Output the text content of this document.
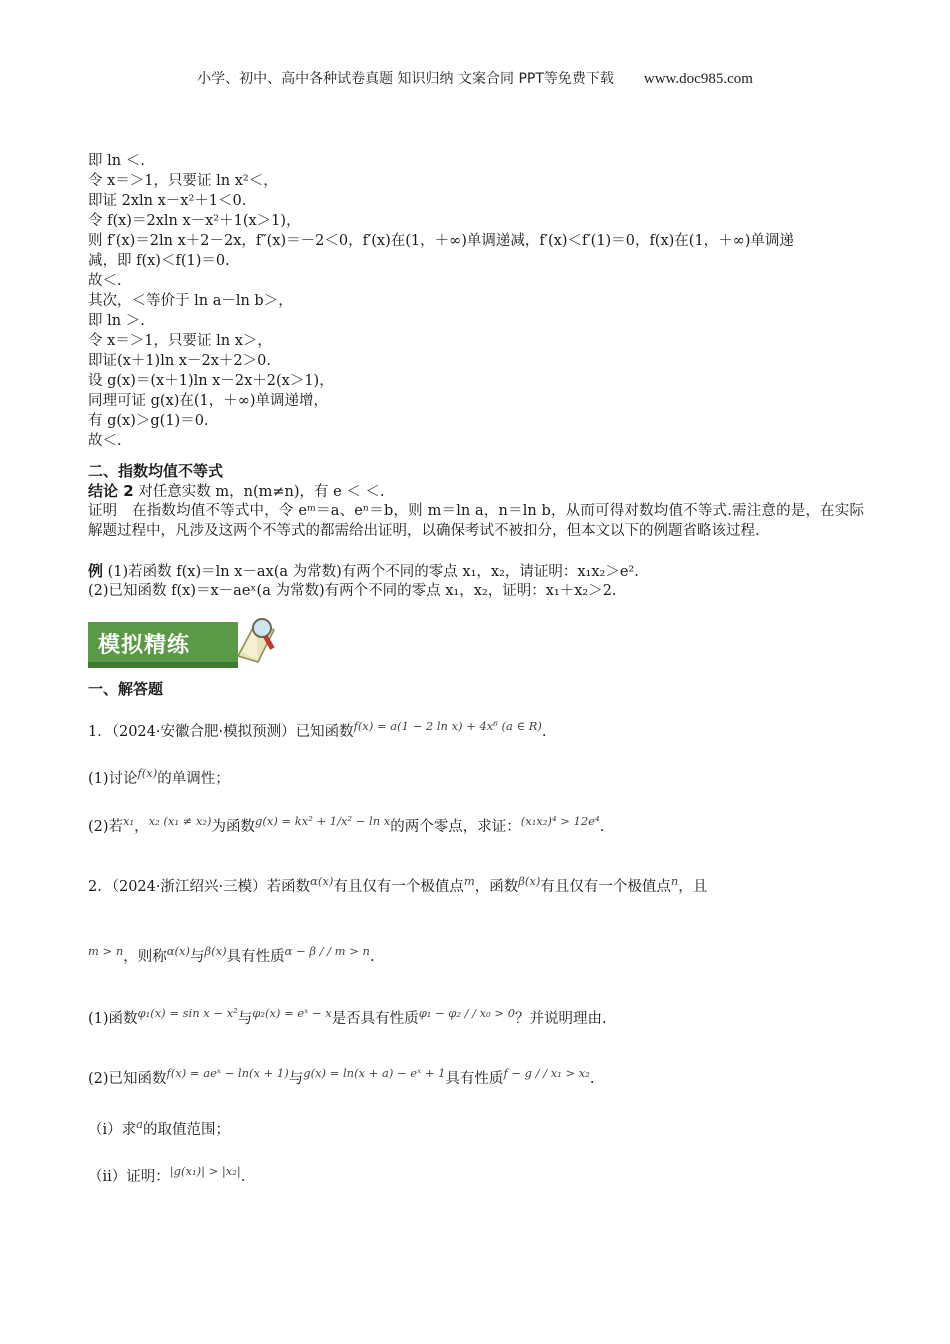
小学、初中、高中各种试卷真题 知识归纳 文案合同 PPT等免费下载 www.doc985.com
即 ln ＜.
令 x＝＞1，只要证 ln x²＜，
即证 2xln x－x²＋1＜0.
令 f(x)＝2xln x－x²＋1(x＞1)，
则 f′(x)＝2ln x＋2－2x，f″(x)＝－2＜0，f′(x)在(1，＋∞)单调递减，f′(x)＜f′(1)＝0，f(x)在(1，＋∞)单调递
减，即 f(x)＜f(1)＝0.
故＜.
其次，＜等价于 ln a－ln b＞，
即 ln ＞.
令 x＝＞1，只要证 ln x＞，
即证(x＋1)ln x－2x＋2＞0.
设 g(x)＝(x＋1)ln x－2x＋2(x＞1)，
同理可证 g(x)在(1，＋∞)单调递增，
有 g(x)＞g(1)＝0.
故＜.
二、指数均值不等式
结论 2 对任意实数 m，n(m≠n)，有 e ＜ ＜.
证明　在指数均值不等式中，令 eᵐ＝a、eⁿ＝b，则 m＝ln a，n＝ln b，从而可得对数均值不等式.需注意的是，在实际解题过程中，凡涉及这两个不等式的都需给出证明，以确保考试不被扣分，但本文以下的例题省略该过程.
例 (1)若函数 f(x)＝ln x－ax(a 为常数)有两个不同的零点 x₁，x₂，请证明：x₁x₂＞e².
(2)已知函数 f(x)＝x－aeˣ(a 为常数)有两个不同的零点 x₁，x₂，证明：x₁＋x₂＞2.
模拟精练
一、解答题
1．（2024·安徽合肥·模拟预测）已知函数$^{f(x) = a(1 - 2 ln x) + 4x^6 (a \in R)}$.
(1)讨论$^{f(x)}$的单调性；
(2)若$^{x_1}$，$^{x_2 (x_1 \ne x_2)}$为函数$^{g(x) = kx^2 + 1/x^2 - ln x}$的两个零点，求证：$^{(x_1x_2)^4 > 12e^4}$.
2．（2024·浙江绍兴·三模）若函数$^{\alpha(x)}$有且仅有一个极值点$^m$，函数$^{\beta(x)}$有且仅有一个极值点$^n$，且
$^{m > n}$，则称$^{\alpha(x)}$与$^{\beta(x)}$具有性质$^{\alpha - \beta / / m > n}$.
(1)函数$^{\varphi_1(x) = sin x - x^2}$与$^{\varphi_2(x) = eˣ - x}$是否具有性质$^{\varphi_1 - \varphi_2 / / x_0 > 0}$？并说明理由.
(2)已知函数$^{f(x) = aeˣ - ln(x + 1)}$与$^{g(x) = ln(x + a) - eˣ + 1}$具有性质$^{f - g / / x_1 > x_2}$.
（i）求$^a$的取值范围；
（ii）证明：$^{|g(x_1)| > |x_2|}$.
